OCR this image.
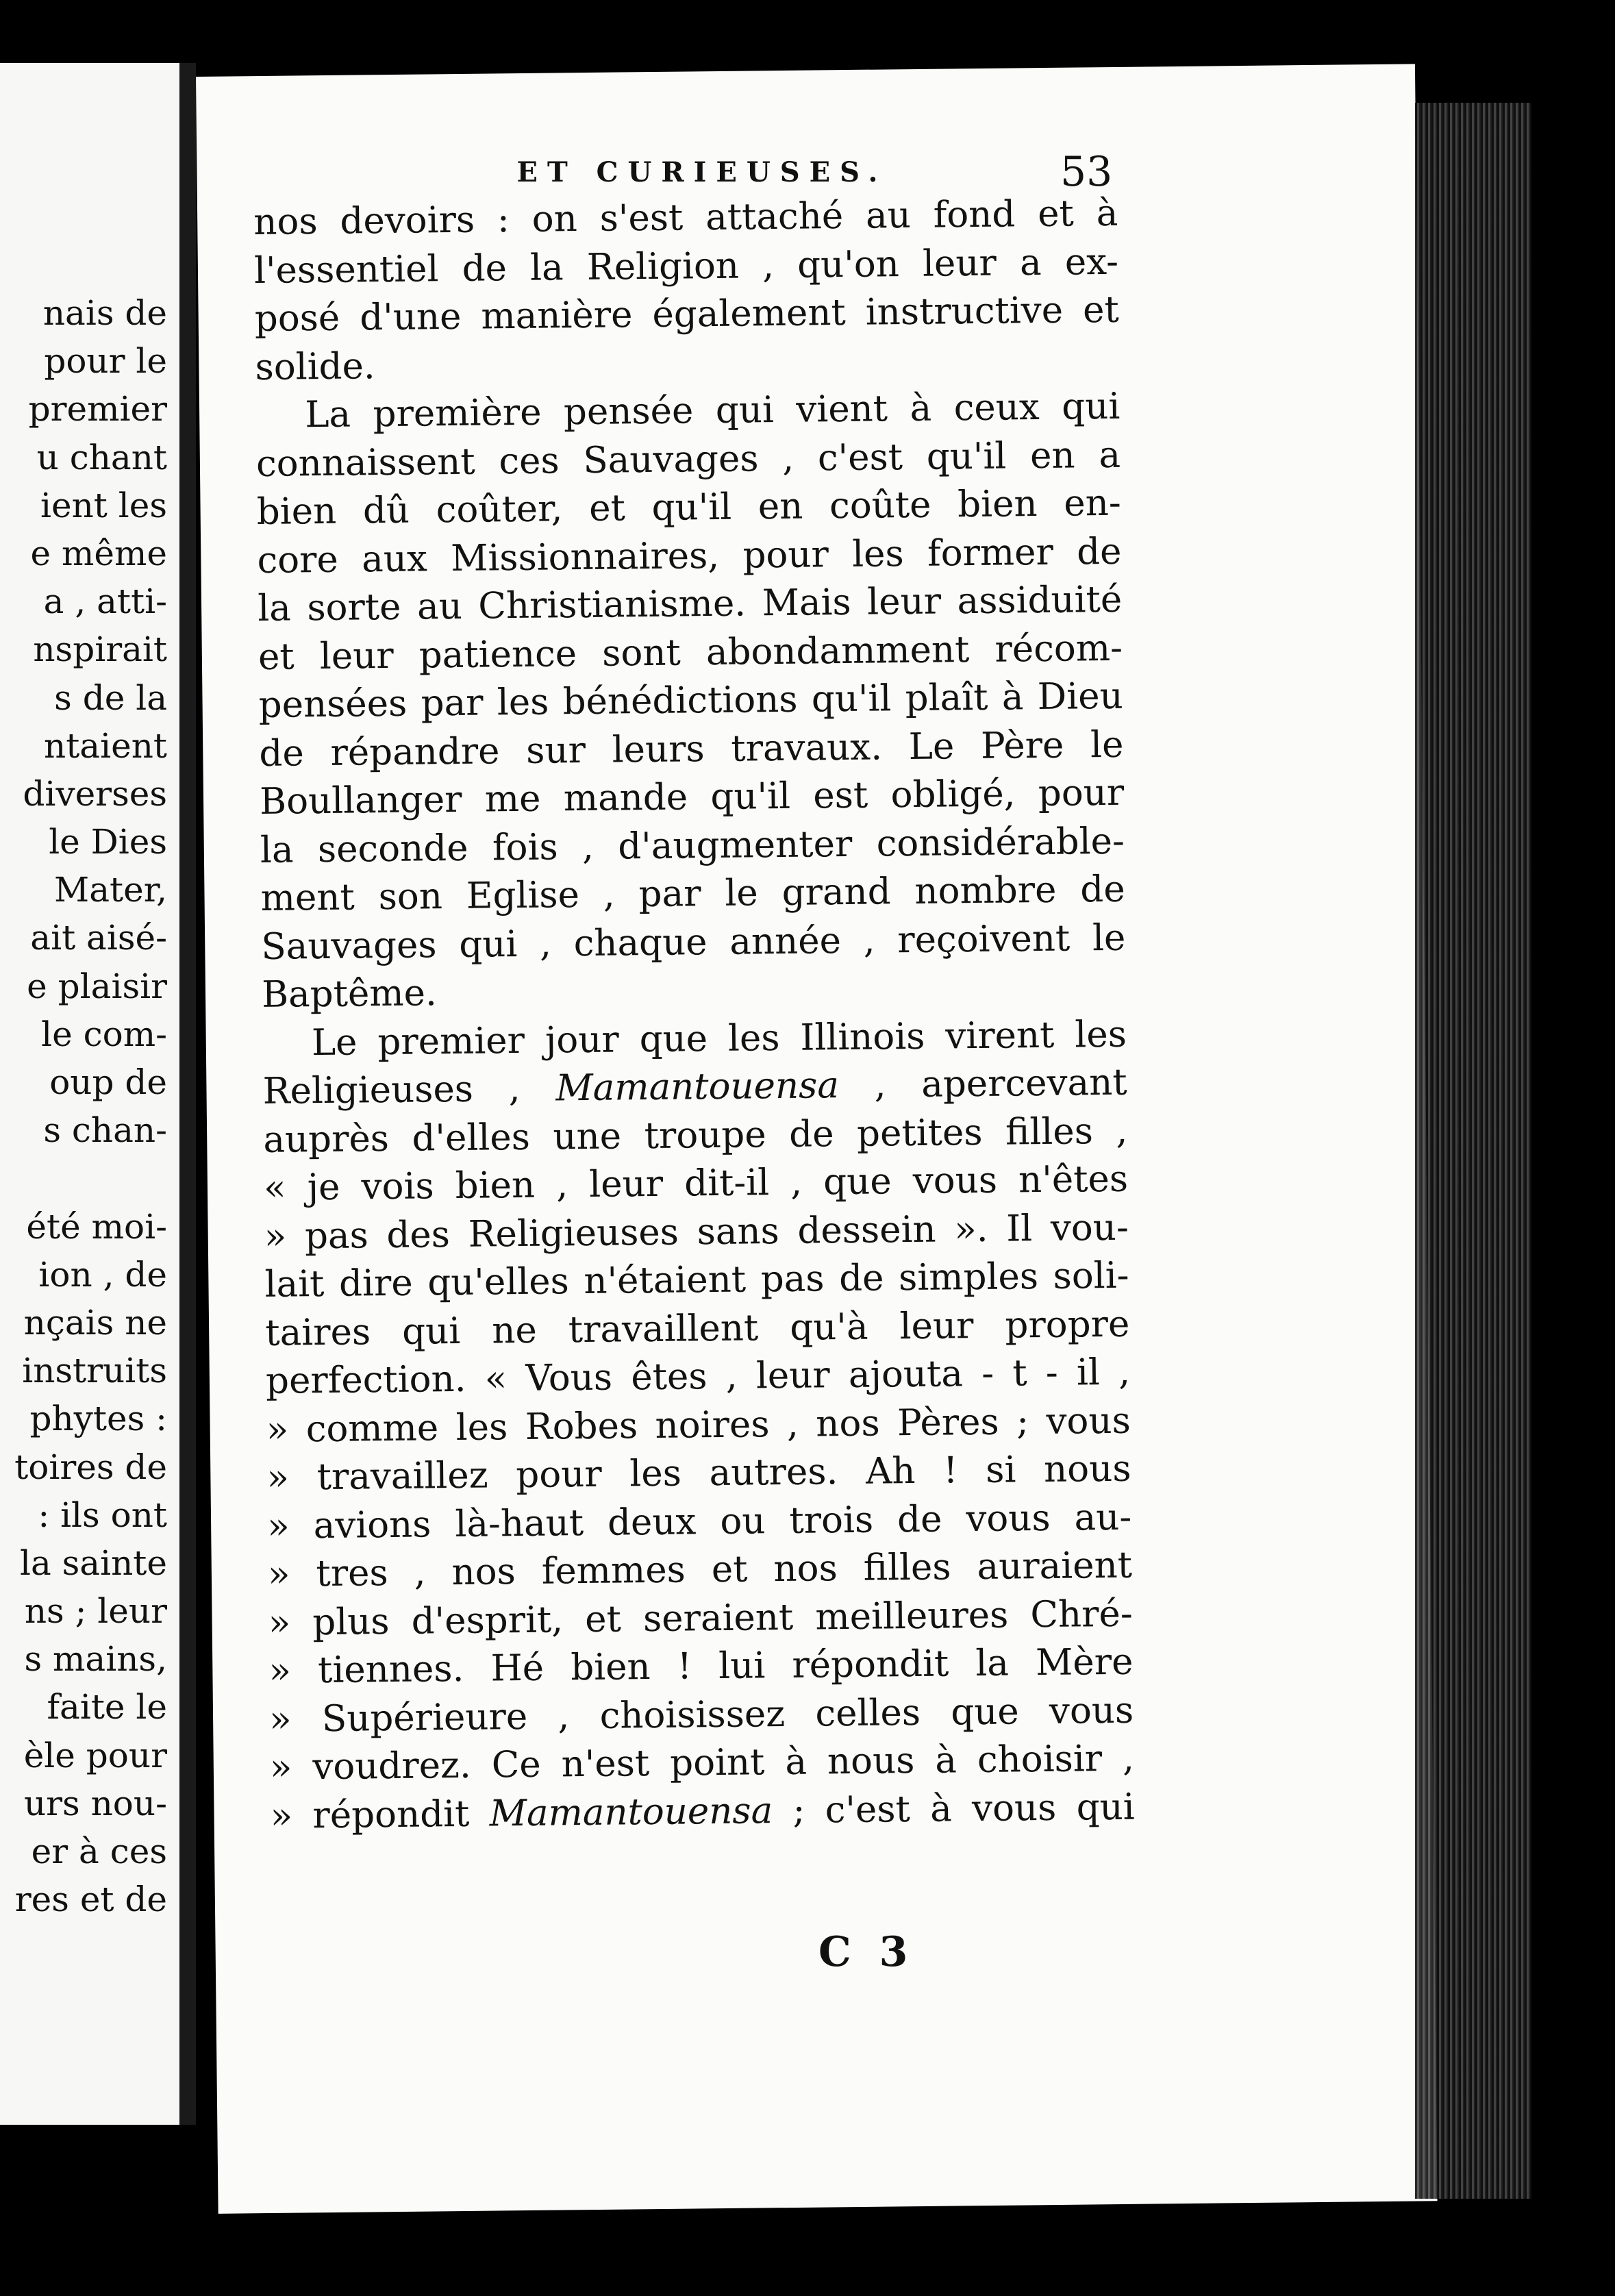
nais de
pour le
premier
u chant
ient les
e même
a , atti-
nspirait
s de la
ntaient
diverses
le Dies
Mater,
ait aisé-
e plaisir
le com-
oup de
s chan-
été moi-
ion , de
nçais ne
instruits
phytes :
toires de
: ils ont
la sainte
ns ; leur
s mains,
faite le
èle pour
urs nou-
er à ces
res et de
ET CURIEUSES.	53
nos devoirs : on s'est attaché au fond et à
l'essentiel de la Religion , qu'on leur a ex-
posé d'une manière également instructive et
solide.
La première pensée qui vient à ceux qui
connaissent ces Sauvages , c'est qu'il en a
bien dû coûter, et qu'il en coûte bien en-
core aux Missionnaires, pour les former de
la sorte au Christianisme. Mais leur assiduité
et leur patience sont abondamment récom-
pensées par les bénédictions qu'il plaît à Dieu
de répandre sur leurs travaux. Le Père le
Boullanger me mande qu'il est obligé, pour
la seconde fois , d'augmenter considérable-
ment son Eglise , par le grand nombre de
Sauvages qui , chaque année , reçoivent le
Baptême.
Le premier jour que les Illinois virent les
Religieuses , Mamantouensa , apercevant
auprès d'elles une troupe de petites filles ,
« je vois bien , leur dit-il , que vous n'êtes
» pas des Religieuses sans dessein ». Il vou-
lait dire qu'elles n'étaient pas de simples soli-
taires qui ne travaillent qu'à leur propre
perfection. « Vous êtes , leur ajouta - t - il ,
» comme les Robes noires , nos Pères ; vous
» travaillez pour les autres. Ah ! si nous
» avions là-haut deux ou trois de vous au-
» tres , nos femmes et nos filles auraient
» plus d'esprit, et seraient meilleures Chré-
» tiennes. Hé bien ! lui répondit la Mère
» Supérieure , choisissez celles que vous
» voudrez. Ce n'est point à nous à choisir ,
» répondit Mamantouensa ; c'est à vous qui
C 3
